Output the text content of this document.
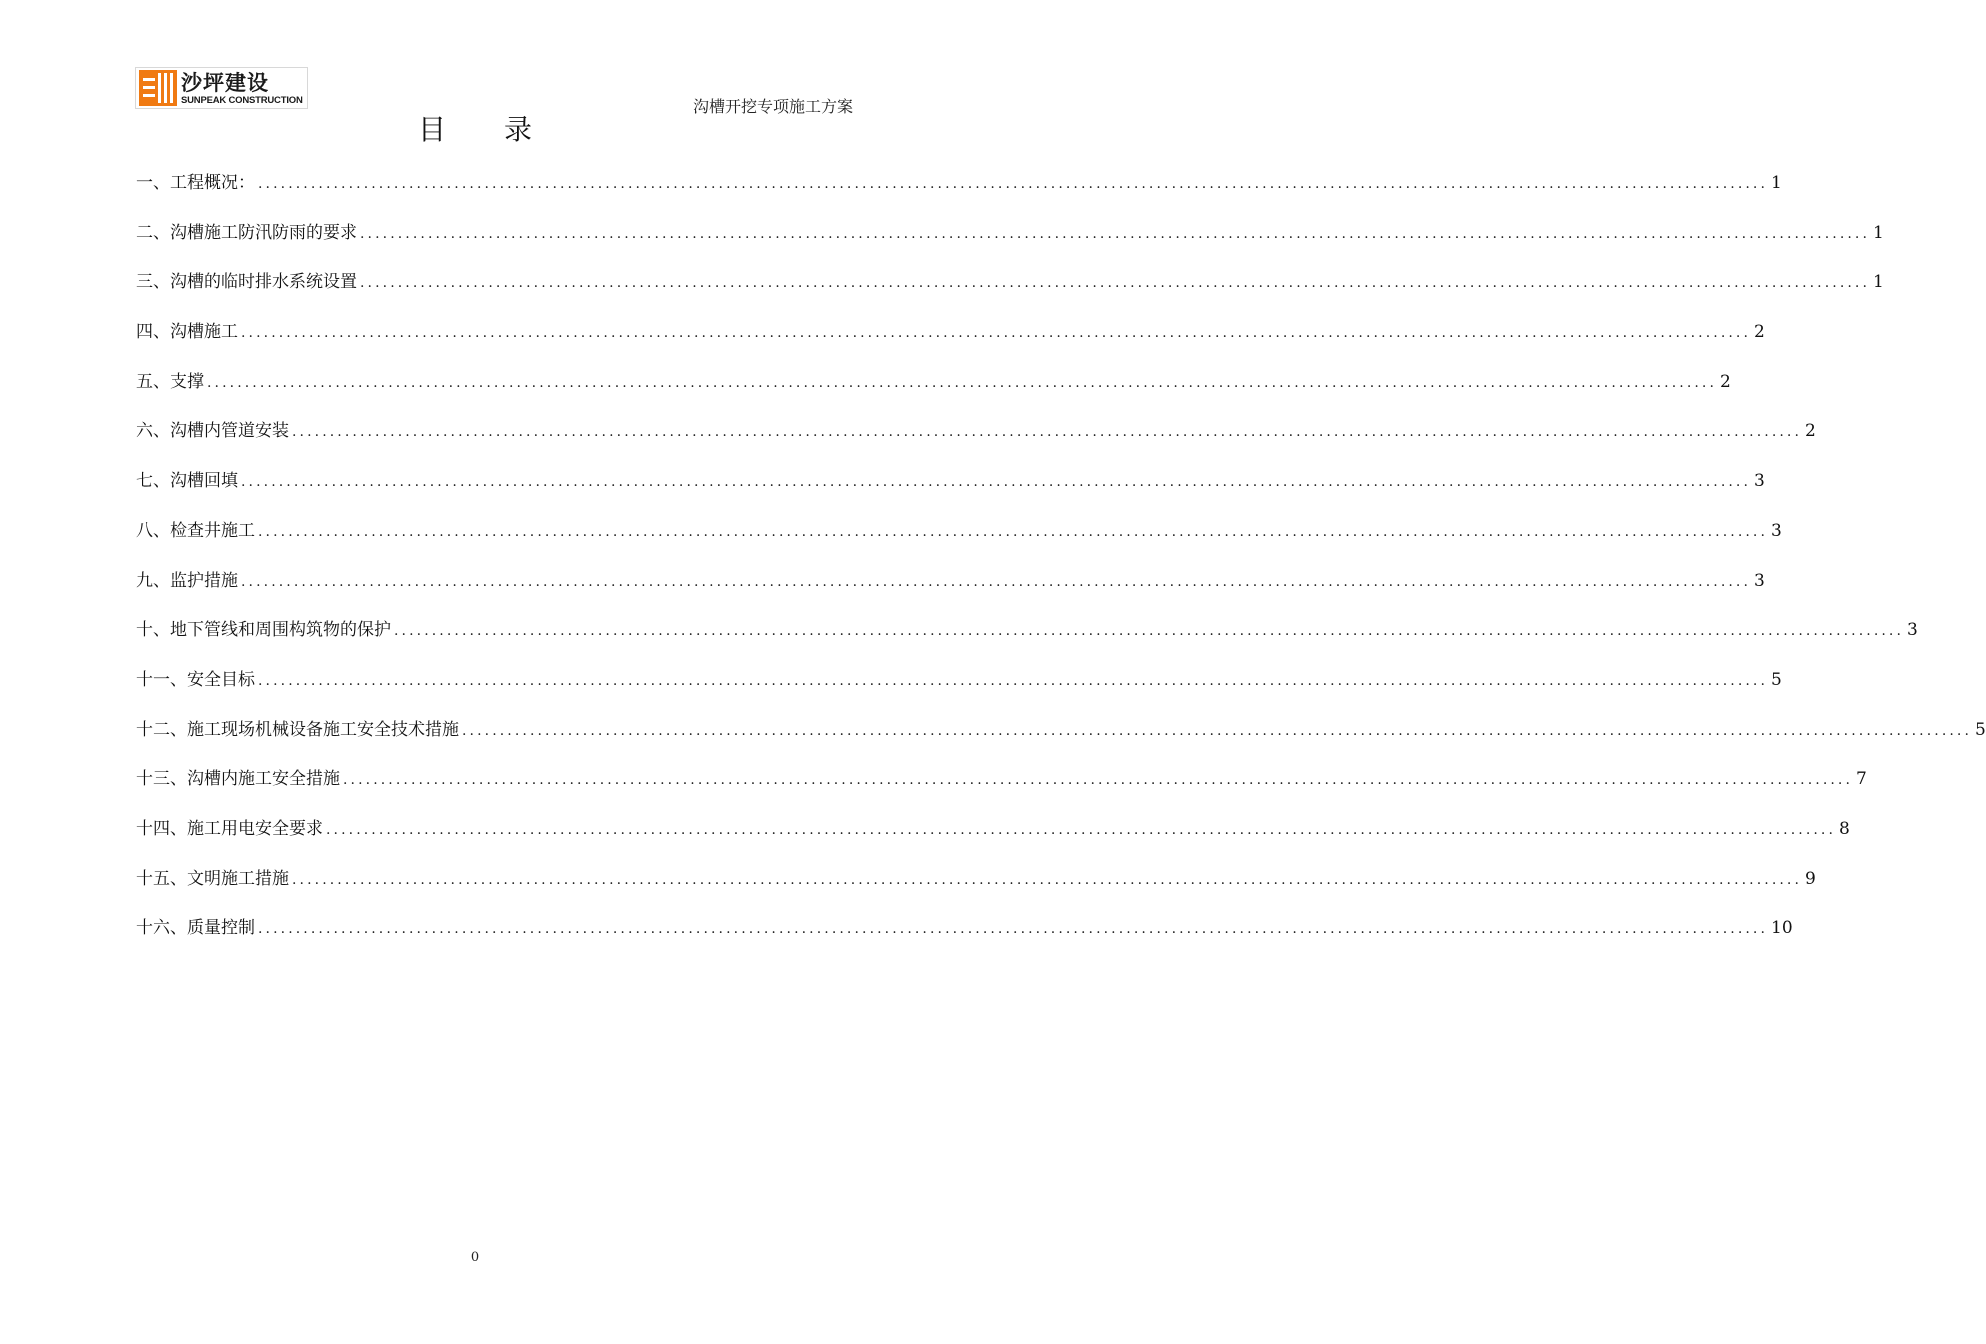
沙坪建设
SUNPEAK CONSTRUCTION	沟槽开挖专项施工方案
目 录
一、工程概况： ........................................................................................................................................................................................................ 1
二、沟槽施工防汛防雨的要求 ........................................................................................................................................................................................................ 1
三、沟槽的临时排水系统设置 ........................................................................................................................................................................................................ 1
四、沟槽施工 ........................................................................................................................................................................................................ 2
五、支撑 ........................................................................................................................................................................................................ 2
六、沟槽内管道安装 ........................................................................................................................................................................................................ 2
七、沟槽回填 ........................................................................................................................................................................................................ 3
八、检查井施工 ........................................................................................................................................................................................................ 3
九、监护措施 ........................................................................................................................................................................................................ 3
十、地下管线和周围构筑物的保护 ........................................................................................................................................................................................................ 3
十一、安全目标 ........................................................................................................................................................................................................ 5
十二、施工现场机械设备施工安全技术措施 ........................................................................................................................................................................................................ 5
十三、沟槽内施工安全措施 ........................................................................................................................................................................................................ 7
十四、施工用电安全要求 ........................................................................................................................................................................................................ 8
十五、文明施工措施 ........................................................................................................................................................................................................ 9
十六、质量控制 ........................................................................................................................................................................................................ 10
0
